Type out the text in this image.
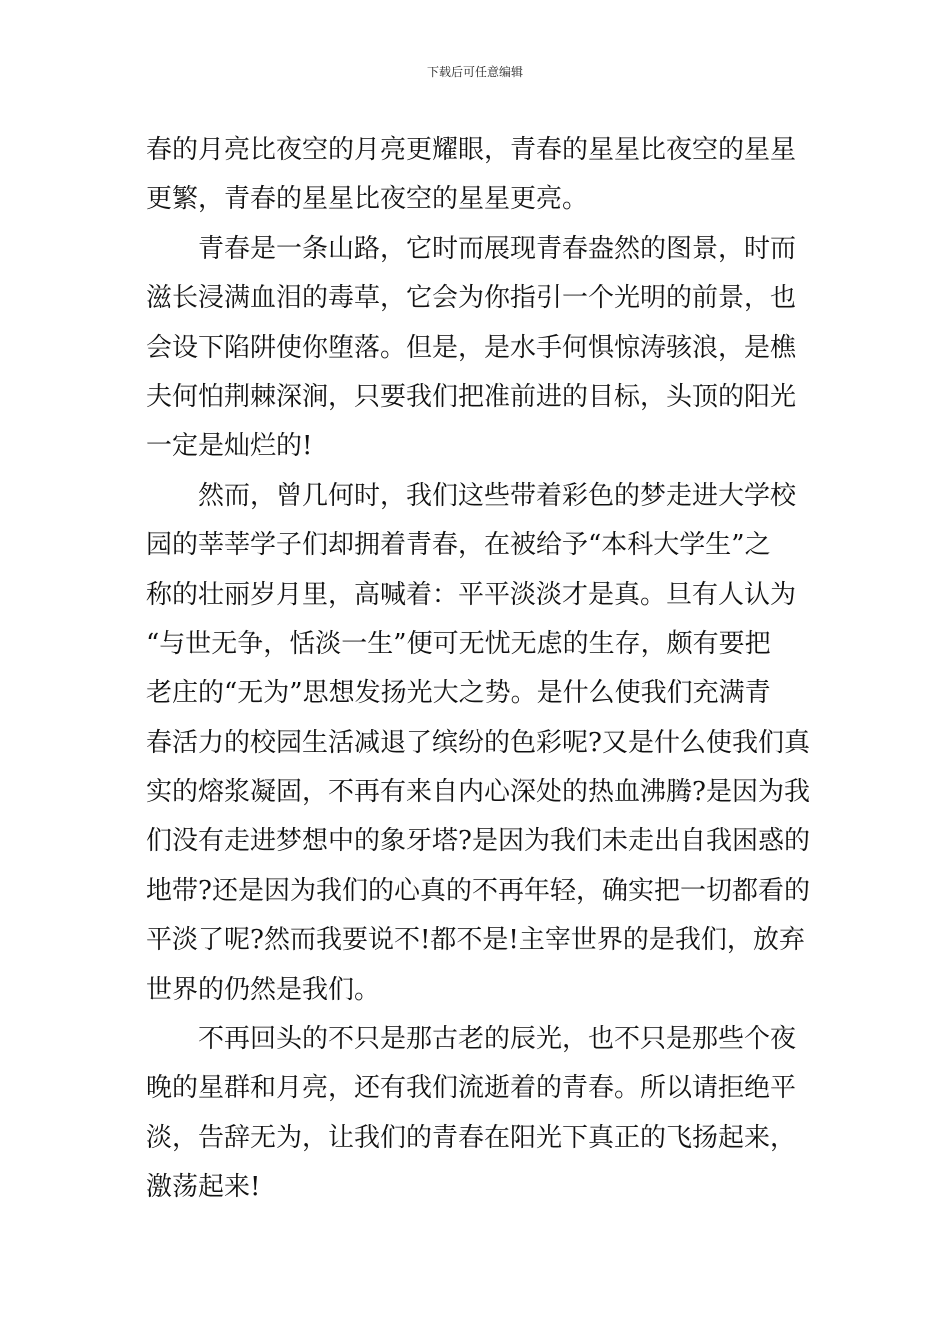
下载后可任意编辑
春的月亮比夜空的月亮更耀眼，青春的星星比夜空的星星
更繁，青春的星星比夜空的星星更亮。
青春是一条山路，它时而展现青春盎然的图景，时而
滋长浸满血泪的毒草，它会为你指引一个光明的前景，也
会设下陷阱使你堕落。但是，是水手何惧惊涛骇浪，是樵
夫何怕荆棘深涧，只要我们把准前进的目标，头顶的阳光
一定是灿烂的!
然而，曾几何时，我们这些带着彩色的梦走进大学校
园的莘莘学子们却拥着青春，在被给予“本科大学生”之
称的壮丽岁月里，高喊着：平平淡淡才是真。旦有人认为
“与世无争，恬淡一生”便可无忧无虑的生存，颇有要把
老庄的“无为”思想发扬光大之势。是什么使我们充满青
春活力的校园生活减退了缤纷的色彩呢?又是什么使我们真
实的熔浆凝固，不再有来自内心深处的热血沸腾?是因为我
们没有走进梦想中的象牙塔?是因为我们未走出自我困惑的
地带?还是因为我们的心真的不再年轻，确实把一切都看的
平淡了呢?然而我要说不!都不是!主宰世界的是我们，放弃
世界的仍然是我们。
不再回头的不只是那古老的辰光，也不只是那些个夜
晚的星群和月亮，还有我们流逝着的青春。所以请拒绝平
淡，告辞无为，让我们的青春在阳光下真正的飞扬起来，
激荡起来!
